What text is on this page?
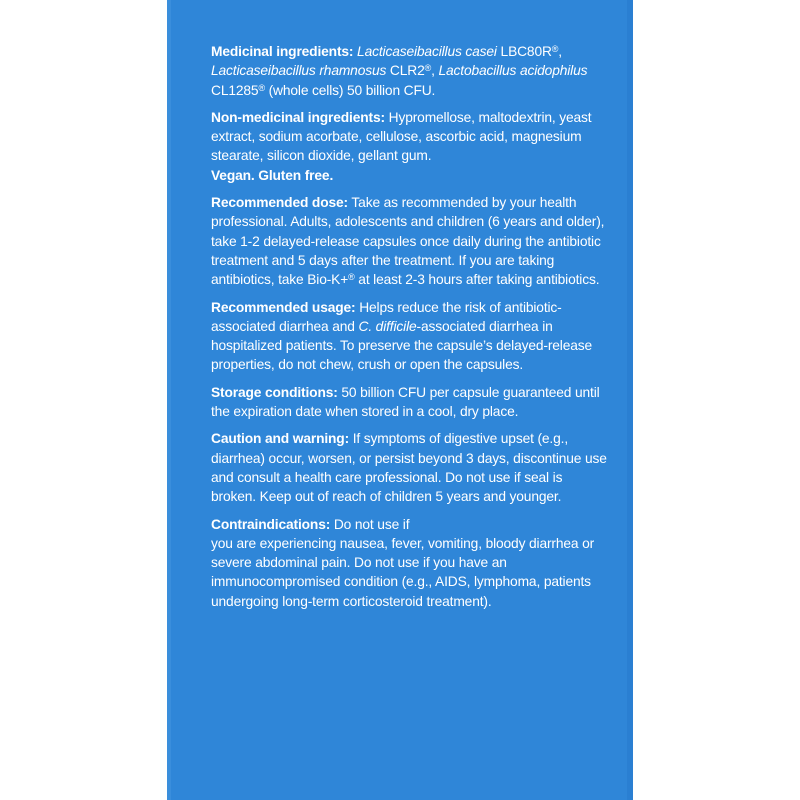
Medicinal ingredients: Lacticaseibacillus casei LBC80R®,
Lacticaseibacillus rhamnosus CLR2®, Lactobacillus acidophilus
CL1285® (whole cells) 50 billion CFU.

Non-medicinal ingredients: Hypromellose, maltodextrin, yeast extract, sodium acorbate, cellulose, ascorbic acid, magnesium stearate, silicon dioxide, gellant gum.

Vegan. Gluten free.

Recommended dose: Take as recommended by your health professional. Adults, adolescents and children (6 years and older), take 1-2 delayed-release capsules once daily during the antibiotic treatment and 5 days after the treatment. If you are taking antibiotics, take Bio-K+® at least 2-3 hours after taking antibiotics.

Recommended usage: Helps reduce the risk of antibiotic-associated diarrhea and C. difficile-associated diarrhea in hospitalized patients. To preserve the capsule’s delayed-release properties, do not chew, crush or open the capsules.

Storage conditions: 50 billion CFU per capsule guaranteed until the expiration date when stored in a cool, dry place.

Caution and warning: If symptoms of digestive upset (e.g., diarrhea) occur, worsen, or persist beyond 3 days, discontinue use and consult a health care professional. Do not use if seal is broken. Keep out of reach of children 5 years and younger.

Contraindications: Do not use if
you are experiencing nausea, fever, vomiting, bloody diarrhea or severe abdominal pain. Do not use if you have an immunocompromised condition (e.g., AIDS, lymphoma, patients undergoing long-term corticosteroid treatment).
